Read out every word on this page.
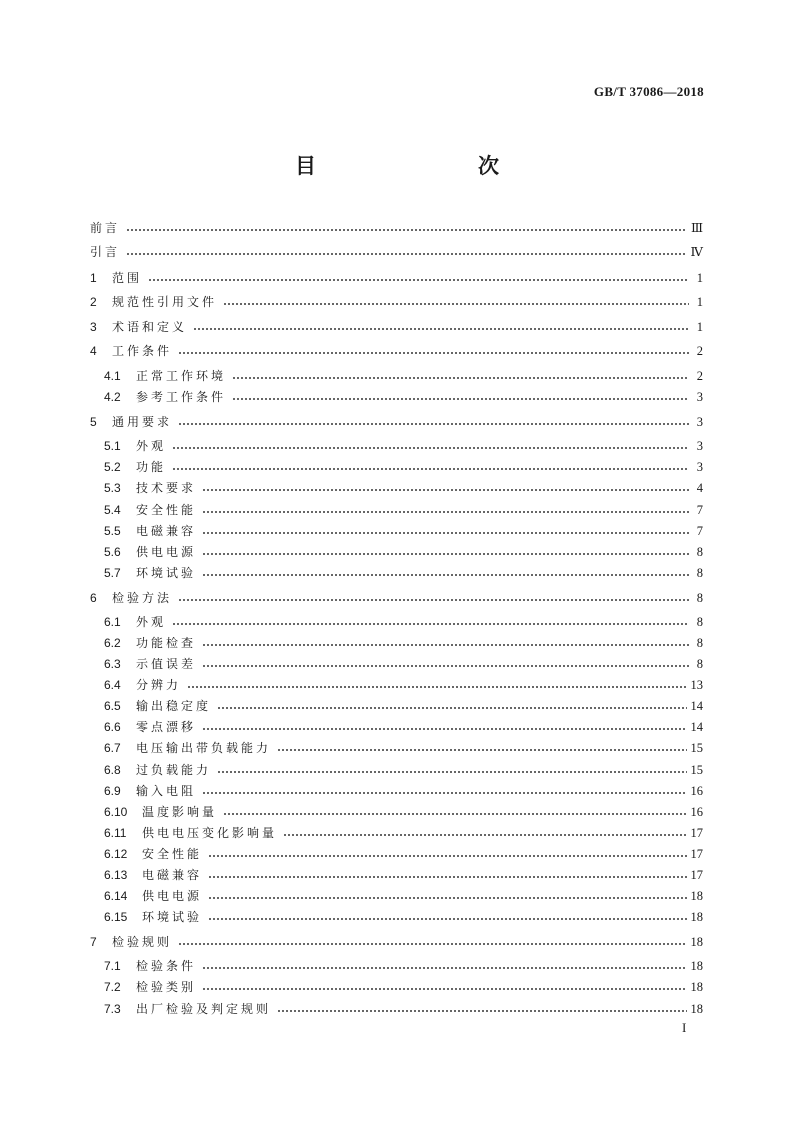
GB/T 37086—2018
目　　次
前言	Ⅲ
引言	Ⅳ
1	范围	1
2	规范性引用文件	1
3	术语和定义	1
4	工作条件	2
4.1	正常工作环境	2
4.2	参考工作条件	3
5	通用要求	3
5.1	外观	3
5.2	功能	3
5.3	技术要求	4
5.4	安全性能	7
5.5	电磁兼容	7
5.6	供电电源	8
5.7	环境试验	8
6	检验方法	8
6.1	外观	8
6.2	功能检查	8
6.3	示值误差	8
6.4	分辨力	13
6.5	输出稳定度	14
6.6	零点漂移	14
6.7	电压输出带负载能力	15
6.8	过负载能力	15
6.9	输入电阻	16
6.10	温度影响量	16
6.11	供电电压变化影响量	17
6.12	安全性能	17
6.13	电磁兼容	17
6.14	供电电源	18
6.15	环境试验	18
7	检验规则	18
7.1	检验条件	18
7.2	检验类别	18
7.3	出厂检验及判定规则	18
I
